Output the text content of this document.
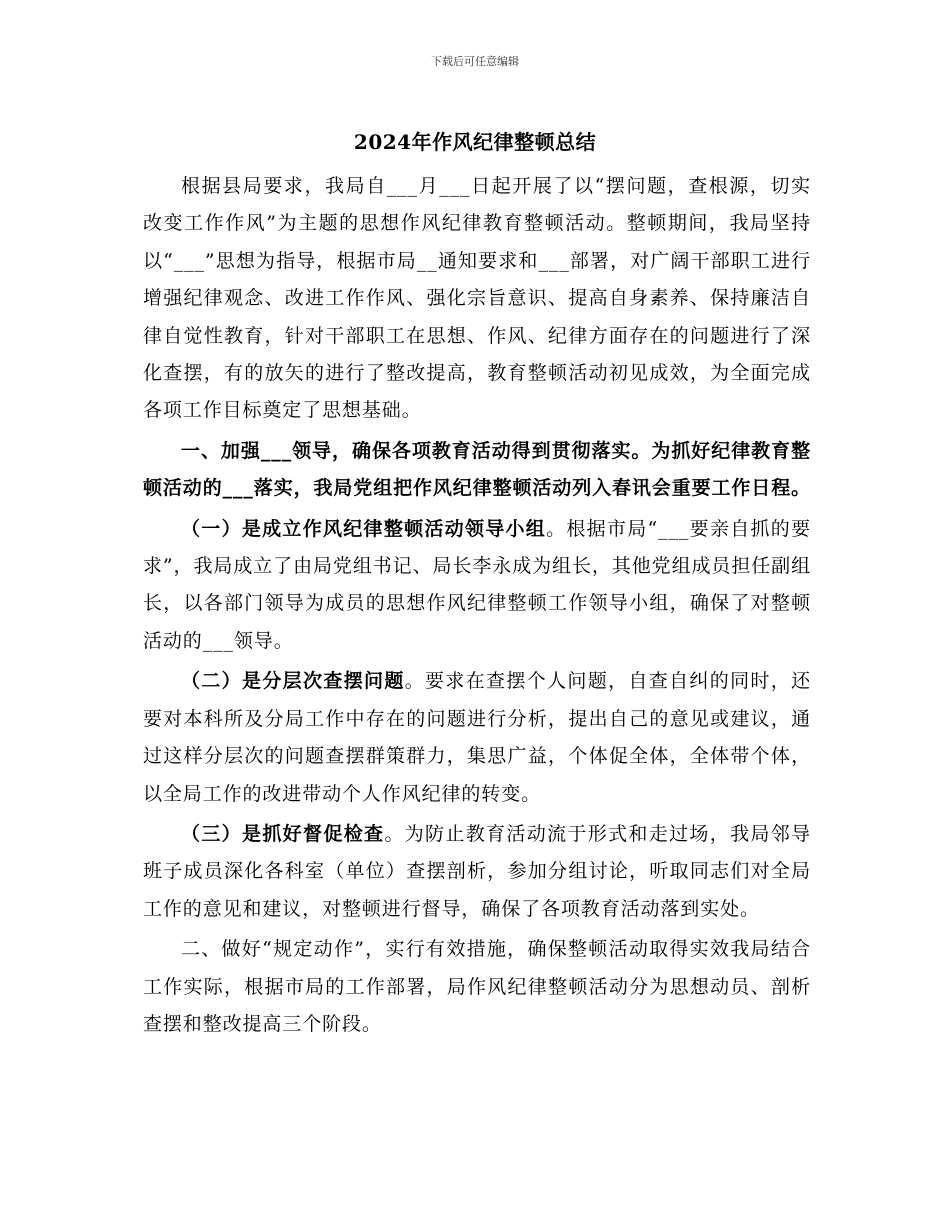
下载后可任意编辑
2024年作风纪律整顿总结

根据县局要求，我局自___月___日起开展了以“摆问题，查根源，切实改变工作作风”为主题的思想作风纪律教育整顿活动。整顿期间，我局坚持以“___”思想为指导，根据市局__通知要求和___部署，对广阔干部职工进行增强纪律观念、改进工作作风、强化宗旨意识、提高自身素养、保持廉洁自律自觉性教育，针对干部职工在思想、作风、纪律方面存在的问题进行了深化查摆，有的放矢的进行了整改提高，教育整顿活动初见成效，为全面完成各项工作目标奠定了思想基础。

一、加强___领导，确保各项教育活动得到贯彻落实。为抓好纪律教育整顿活动的___落实，我局党组把作风纪律整顿活动列入春讯会重要工作日程。

（一）是成立作风纪律整顿活动领导小组。根据市局“___要亲自抓的要求”，我局成立了由局党组书记、局长李永成为组长，其他党组成员担任副组长，以各部门领导为成员的思想作风纪律整顿工作领导小组，确保了对整顿活动的___领导。

（二）是分层次查摆问题。要求在查摆个人问题，自查自纠的同时，还要对本科所及分局工作中存在的问题进行分析，提出自己的意见或建议，通过这样分层次的问题查摆群策群力，集思广益，个体促全体，全体带个体，以全局工作的改进带动个人作风纪律的转变。

（三）是抓好督促检查。为防止教育活动流于形式和走过场，我局邻导班子成员深化各科室（单位）查摆剖析，参加分组讨论，听取同志们对全局工作的意见和建议，对整顿进行督导，确保了各项教育活动落到实处。

二、做好“规定动作”，实行有效措施，确保整顿活动取得实效我局结合工作实际，根据市局的工作部署，局作风纪律整顿活动分为思想动员、剖析查摆和整改提高三个阶段。
